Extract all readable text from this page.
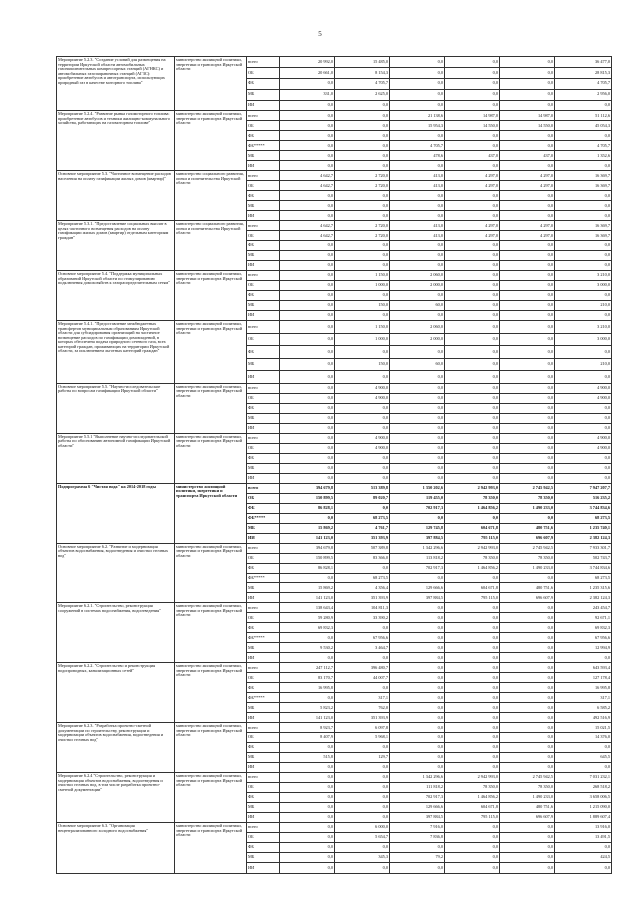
5
Мероприятие 5.2.3. "Создание условий для размещения на территории Иркутской области автомобильных газонаполнительных компрессорных станций (АГНКС) и автомобильных газозаправочных станций (АГЗС): приобретение автобусов и автотранспорта, использующих природный газ в качестве моторного топлива"	министерство жилищной политики, энергетики и транспорта Иркутской области	всего	20 992,0	15 485,0	0,0	0,0	0,0	36 477,0
		ОБ	20 661,0	8 154,3	0,0	0,0	0,0	28 815,3
		ФБ	0,0	4 705,7	0,0	0,0	0,0	4 705,7
		МБ	331,0	2 625,0	0,0	0,0	0,0	2 956,0
		ИИ	0,0	0,0	0,0	0,0	0,0	0,0
Мероприятие 5.2.4. "Развитие рынка газомоторного топлива: приобретение автобусов и техники жилищно-коммунального хозяйства, работающих на газомоторном топливе"	министерство жилищной политики, энергетики и транспорта Иркутской области	всего	0,0	0,0	21 138,6	14 987,0	14 987,0	51 112,6
		ОБ	0,0	0,0	15 954,3	14 550,0	14 550,0	45 054,3
		ФБ	0,0	0,0	0,0	0,0	0,0	0,0
		ФБ*****	0,0	0,0	4 705,7	0,0	0,0	4 705,7
		МБ	0,0	0,0	478,6	437,0	437,0	1 352,6
		ИИ	0,0	0,0	0,0	0,0	0,0	0,0
Основное мероприятие 5.3. "Частичное возмещение расходов населения на оплату газификации жилых домов (квартир)"	министерство социального развития, опеки и попечительства Иркутской области	всего	4 642,7	2 720,0	413,0	4 297,0	4 297,0	16 369,7
		ОБ	4 642,7	2 720,0	413,0	4 297,0	4 297,0	16 369,7
		ФБ	0,0	0,0	0,0	0,0	0,0	0,0
		МБ	0,0	0,0	0,0	0,0	0,0	0,0
		ИИ	0,0	0,0	0,0	0,0	0,0	0,0
Мероприятие 5.3.1. "Предоставление социальных выплат в целях частичного возмещения расходов на оплату газификации жилых домов (квартир) отдельным категориям граждан"	министерство социального развития, опеки и попечительства Иркутской области	всего	4 642,7	2 720,0	413,0	4 297,0	4 297,0	16 369,7
		ОБ	4 642,7	2 720,0	413,0	4 297,0	4 297,0	16 369,7
		ФБ	0,0	0,0	0,0	0,0	0,0	0,0
		МБ	0,0	0,0	0,0	0,0	0,0	0,0
		ИИ	0,0	0,0	0,0	0,0	0,0	0,0
Основное мероприятие 5.4. "Поддержка муниципальных образований Иркутской области по стимулированию подключения домохозяйств к газораспределительным сетям"	министерство жилищной политики, энергетики и транспорта Иркутской области	всего	0,0	1 150,0	2 060,0	0,0	0,0	3 210,0
		ОБ	0,0	1 000,0	2 000,0	0,0	0,0	3 000,0
		ФБ	0,0	0,0	0,0	0,0	0,0	0,0
		МБ	0,0	150,0	60,0	0,0	0,0	210,0
		ИИ	0,0	0,0	0,0	0,0	0,0	0,0
Мероприятие 5.4.1. "Предоставление межбюджетных трансфертов муниципальным образованиям Иркутской области для субсидирования организаций на частичное возмещение расходов по газификации домовладений, в которых обеспечена подача природного сетевого газа, всех категорий граждан, проживающих на территории Иркутской области, за исключением льготных категорий граждан"	министерство жилищной политики, энергетики и транспорта Иркутской области	всего	0,0	1 150,0	2 060,0	0,0	0,0	3 210,0
		ОБ	0,0	1 000,0	2 000,0	0,0	0,0	3 000,0
		ФБ	0,0	0,0	0,0	0,0	0,0	0,0
		МБ	0,0	150,0	60,0	0,0	0,0	210,0
		ИИ	0,0	0,0	0,0	0,0	0,0	0,0
Основное мероприятие 5.5. "Научно-исследовательские работы по вопросам газификации Иркутской области"	министерство жилищной политики, энергетики и транспорта Иркутской области	всего	0,0	4 900,0	0,0	0,0	0,0	4 900,0
		ОБ	0,0	4 900,0	0,0	0,0	0,0	4 900,0
		ФБ	0,0	0,0	0,0	0,0	0,0	0,0
		МБ	0,0	0,0	0,0	0,0	0,0	0,0
		ИИ	0,0	0,0	0,0	0,0	0,0	0,0
Мероприятие 5.5.1 "Выполнение научно-исследовательской работы по обоснованию автономной газификации Иркутской области"	министерство жилищной политики, энергетики и транспорта Иркутской области	всего	0,0	4 900,0	0,0	0,0	0,0	4 900,0
		ОБ	0,0	4 900,0	0,0	0,0	0,0	4 900,0
		ФБ	0,0	0,0	0,0	0,0	0,0	0,0
		МБ	0,0	0,0	0,0	0,0	0,0	0,0
		ИИ	0,0	0,0	0,0	0,0	0,0	0,0
Подпрограмма 6 "Чистая вода" на 2014-2018 годы	министерство жилищной политики, энергетики и транспорта Иркутской области	всего	394 679,8	513 389,8	1 350 202,6	2 942 993,0	2 745 942,5	7 947 207,7
		ОБ	150 899,5	89 020,7	119 455,0	78 350,0	78 350,0	516 235,2
		ФБ	86 828,1	0,0	702 917,3	1 464 856,2	1 490 233,0	3 744 834,6
		ФБ*****	0,0	68 273,5	0,0	0,0	0,0	68 273,5
		МБ	15 869,2	4 761,7	129 745,8	604 671,8	480 751,6	1 235 740,1
		ИИ	141 123,0	351 393,9	397 884,5	795 115,0	696 607,9	2 382 124,3
Основное мероприятие 6.2. "Развитие и модернизация объектов водоснабжения, водоотведения и очистки сточных вод"	министерство жилищной политики, энергетики и транспорта Иркутской области	всего	394 679,8	507 389,8	1 342 296,6	2 942 993,0	2 745 942,5	7 933 301,7
		ОБ	150 899,5	83 366,0	113 818,2	78 350,0	78 350,0	502 743,7
		ФБ	86 828,1	0,0	702 917,3	1 464 856,2	1 490 233,0	3 744 834,6
		ФБ*****	0,0	68 273,5	0,0	0,0	0,0	68 273,5
		МБ	15 869,2	4 356,4	129 666,6	604 671,8	480 751,6	1 235 315,6
		ИИ	141 123,0	351 393,9	397 884,5	795 115,0	696 607,9	2 382 124,3
Мероприятие 6.2.1. "Строительство, реконструкция сооружений в системах водоснабжения, водоотведения"	министерство жилищной политики, энергетики и транспорта Иркутской области	всего	138 643,4	104 811,3	0,0	0,0	0,0	243 454,7
		ОБ	59 280,9	33 390,2	0,0	0,0	0,0	92 671,1
		ФБ	69 832,3	0,0	0,0	0,0	0,0	69 832,3
		ФБ*****	0,0	67 956,6	0,0	0,0	0,0	67 956,6
		МБ	9 530,2	3 464,7	0,0	0,0	0,0	12 994,9
		ИИ	0,0	0,0	0,0	0,0	0,0	0,0
Мероприятие 6.2.2. "Строительство и реконструкция водопроводных, канализационных сетей"	министерство жилищной политики, энергетики и транспорта Иркутской области	всего	247 112,7	396 480,7	0,0	0,0	0,0	643 593,4
		ОБ	83 170,7	44 007,7	0,0	0,0	0,0	127 178,4
		ФБ	16 995,8	0,0	0,0	0,0	0,0	16 995,8
		ФБ*****	0,0	317,1	0,0	0,0	0,0	317,1
		МБ	5 823,2	762,0	0,0	0,0	0,0	6 585,2
		ИИ	141 123,0	351 393,9	0,0	0,0	0,0	492 516,9
Мероприятие 6.2.3. "Разработка проектно-сметной документации по строительству, реконструкции и модернизации объектов водоснабжения, водоотведения и очистки сточных вод"	министерство жилищной политики, энергетики и транспорта Иркутской области	всего	8 923,7	6 097,8	0,0	0,0	0,0	15 021,5
		ОБ	8 407,9	5 968,1	0,0	0,0	0,0	14 376,0
		ФБ	0,0	0,0	0,0	0,0	0,0	0,0
		МБ	515,8	129,7	0,0	0,0	0,0	645,5
		ИИ	0,0	0,0	0,0	0,0	0,0	0,0
Мероприятие 6.2.4 "Строительство, реконструкция и модернизация объектов водоснабжения, водоотведения и очистки сточных вод, в том числе разработка проектно-сметной документации"	министерство жилищной политики, энергетики и транспорта Иркутской области	всего	0,0	0,0	1 342 296,6	2 942 993,0	2 745 942,5	7 031 232,1
		ОБ	0,0	0,0	111 818,2	78 350,0	78 350,0	268 518,2
		ФБ	0,0	0,0	702 917,3	1 464 856,2	1 490 233,0	3 658 006,5
		МБ	0,0	0,0	129 666,6	604 671,8	480 751,6	1 215 090,0
		ИИ	0,0	0,0	397 884,5	795 115,0	696 607,9	1 889 607,4
Основное мероприятие 6.3. "Организация нецентрализованного холодного водоснабжения"	министерство жилищной политики, энергетики и транспорта Иркутской области	всего	0,0	6 000,0	7 916,0	0,0	0,0	13 916,0
		ОБ	0,0	5 654,7	7 836,8	0,0	0,0	13 491,5
		ФБ	0,0	0,0	0,0	0,0	0,0	0,0
		МБ	0,0	345,3	79,2	0,0	0,0	424,5
		ИИ	0,0	0,0	0,0	0,0	0,0	0,0
